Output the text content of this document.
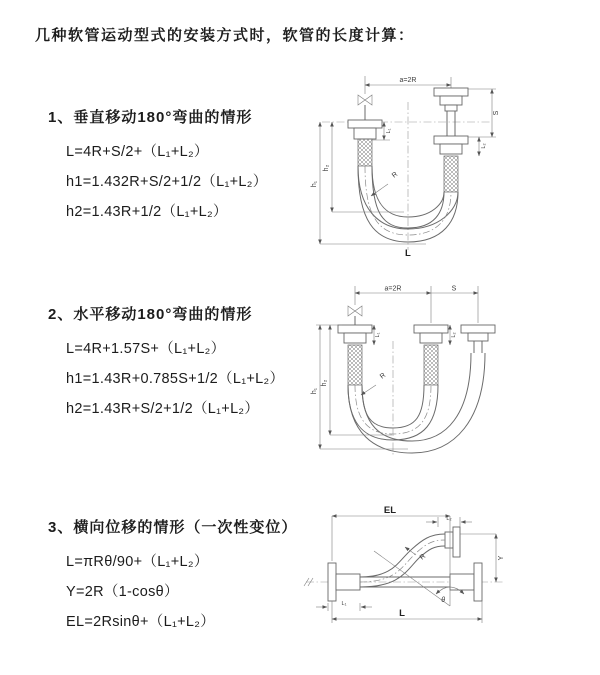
几种软管运动型式的安装方式时，软管的长度计算：
1、垂直移动180°弯曲的情形
L=4R+S/2+（L₁+L₂）
h1=1.432R+S/2+1/2（L₁+L₂）
h2=1.43R+1/2（L₁+L₂）
a=2R
h₁
h₂
L₁
S
L₂
R
L
2、水平移动180°弯曲的情形
L=4R+1.57S+（L₁+L₂）
h1=1.43R+0.785S+1/2（L₁+L₂）
h2=1.43R+S/2+1/2（L₁+L₂）
a=2R	S
h₁
h₂
L₁	L₂
R
3、横向位移的情形（一次性变位）
L=πRθ/90+（L₁+L₂）
Y=2R（1-cosθ）
EL=2Rsinθ+（L₁+L₂）
EL
L₂
Y
θ
R
L₁
L
